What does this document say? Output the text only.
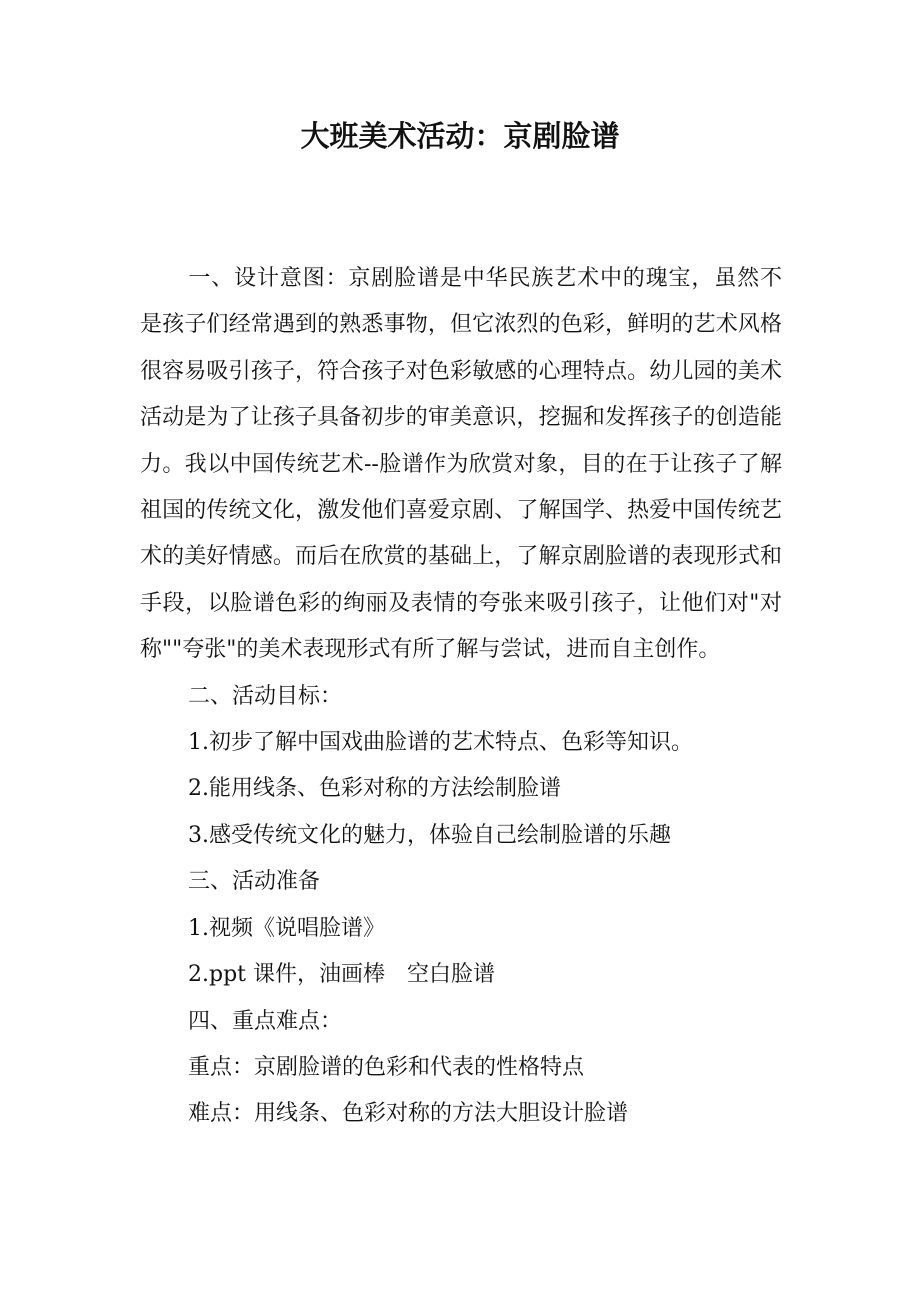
大班美术活动：京剧脸谱

一、设计意图：京剧脸谱是中华民族艺术中的瑰宝，虽然不是孩子们经常遇到的熟悉事物，但它浓烈的色彩，鲜明的艺术风格很容易吸引孩子，符合孩子对色彩敏感的心理特点。幼儿园的美术活动是为了让孩子具备初步的审美意识，挖掘和发挥孩子的创造能力。我以中国传统艺术--脸谱作为欣赏对象，目的在于让孩子了解祖国的传统文化，激发他们喜爱京剧、了解国学、热爱中国传统艺术的美好情感。而后在欣赏的基础上，了解京剧脸谱的表现形式和手段，以脸谱色彩的绚丽及表情的夸张来吸引孩子，让他们对"对称""夸张"的美术表现形式有所了解与尝试，进而自主创作。

二、活动目标：

1.初步了解中国戏曲脸谱的艺术特点、色彩等知识。

2.能用线条、色彩对称的方法绘制脸谱

3.感受传统文化的魅力，体验自己绘制脸谱的乐趣

三、活动准备

1.视频《说唱脸谱》

2.ppt 课件，油画棒　空白脸谱

四、重点难点：

重点：京剧脸谱的色彩和代表的性格特点

难点：用线条、色彩对称的方法大胆设计脸谱
